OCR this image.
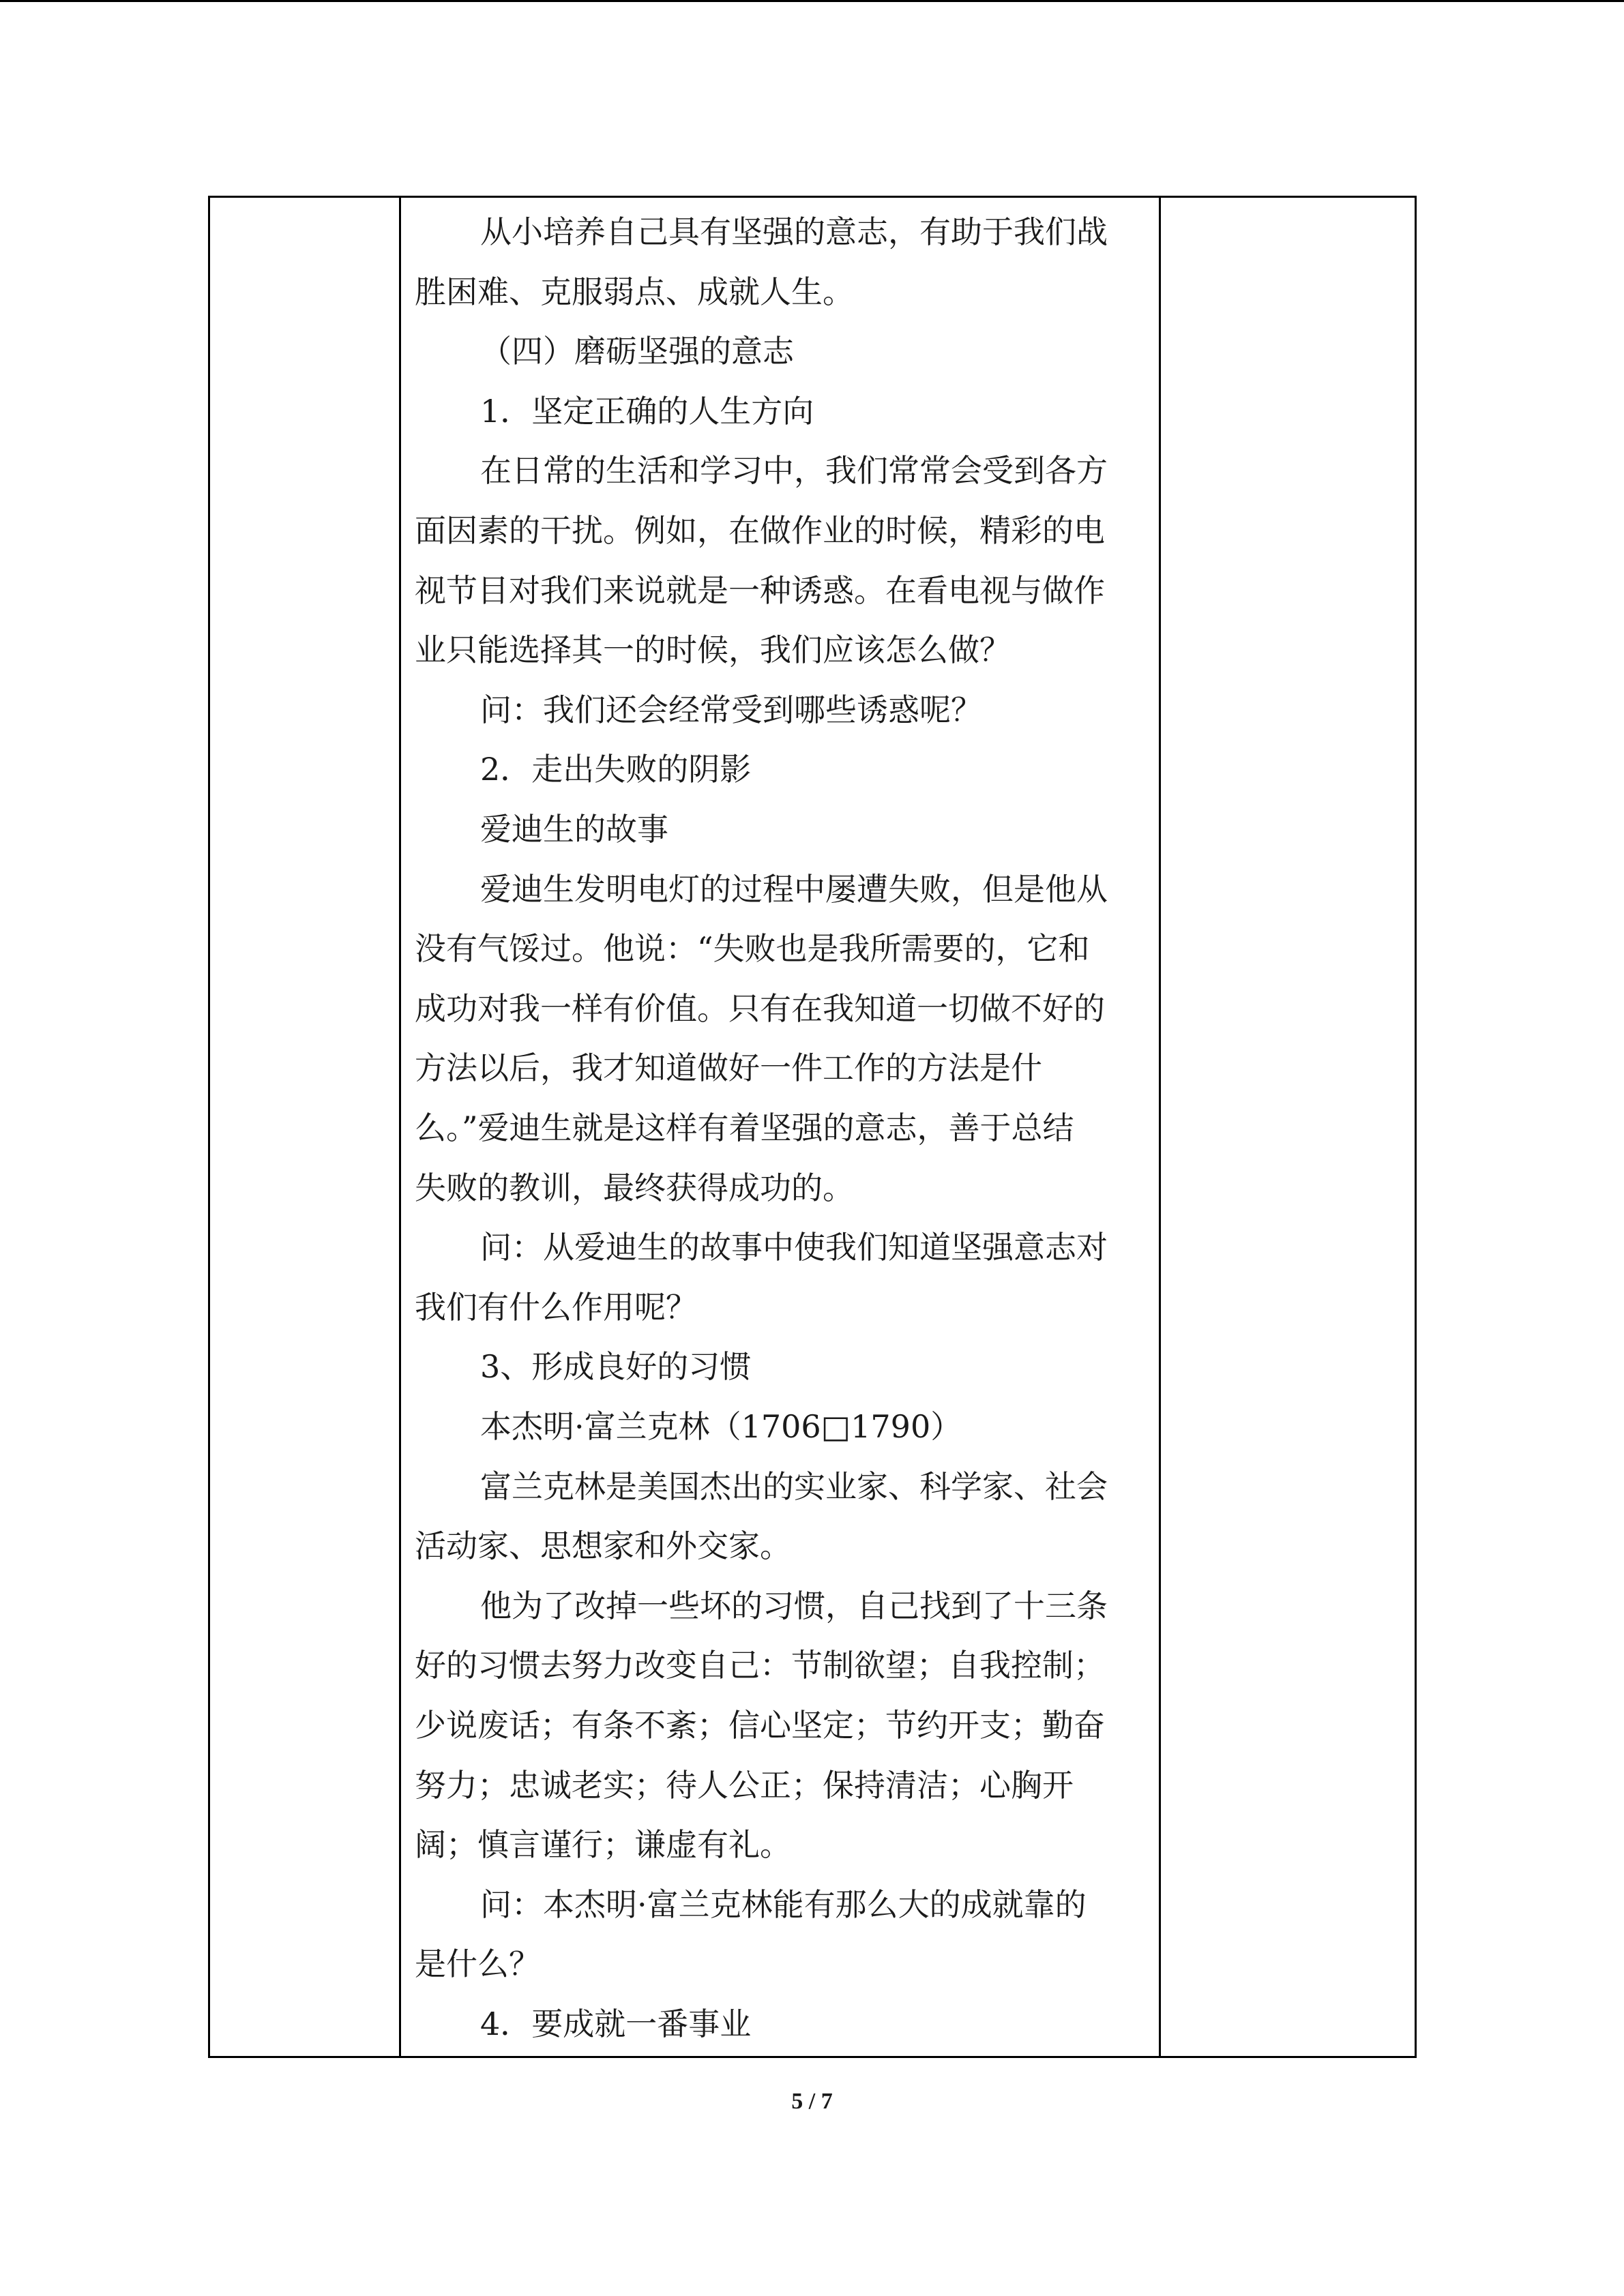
从小培养自己具有坚强的意志，有助于我们战
胜困难、克服弱点、成就人生。
（四）磨砺坚强的意志
1．坚定正确的人生方向
在日常的生活和学习中，我们常常会受到各方
面因素的干扰。例如，在做作业的时候，精彩的电
视节目对我们来说就是一种诱惑。在看电视与做作
业只能选择其一的时候，我们应该怎么做？
问：我们还会经常受到哪些诱惑呢？
2．走出失败的阴影
爱迪生的故事
爱迪生发明电灯的过程中屡遭失败，但是他从
没有气馁过。他说：“失败也是我所需要的，它和
成功对我一样有价值。只有在我知道一切做不好的
方法以后，我才知道做好一件工作的方法是什
么。”爱迪生就是这样有着坚强的意志，善于总结
失败的教训，最终获得成功的。
问：从爱迪生的故事中使我们知道坚强意志对
我们有什么作用呢？
3、形成良好的习惯
本杰明·富兰克林（1706□1790）
富兰克林是美国杰出的实业家、科学家、社会
活动家、思想家和外交家。
他为了改掉一些坏的习惯，自己找到了十三条
好的习惯去努力改变自己：节制欲望；自我控制；
少说废话；有条不紊；信心坚定；节约开支；勤奋
努力；忠诚老实；待人公正；保持清洁；心胸开
阔；慎言谨行；谦虚有礼。
问：本杰明·富兰克林能有那么大的成就靠的
是什么？
4．要成就一番事业
5 / 7
